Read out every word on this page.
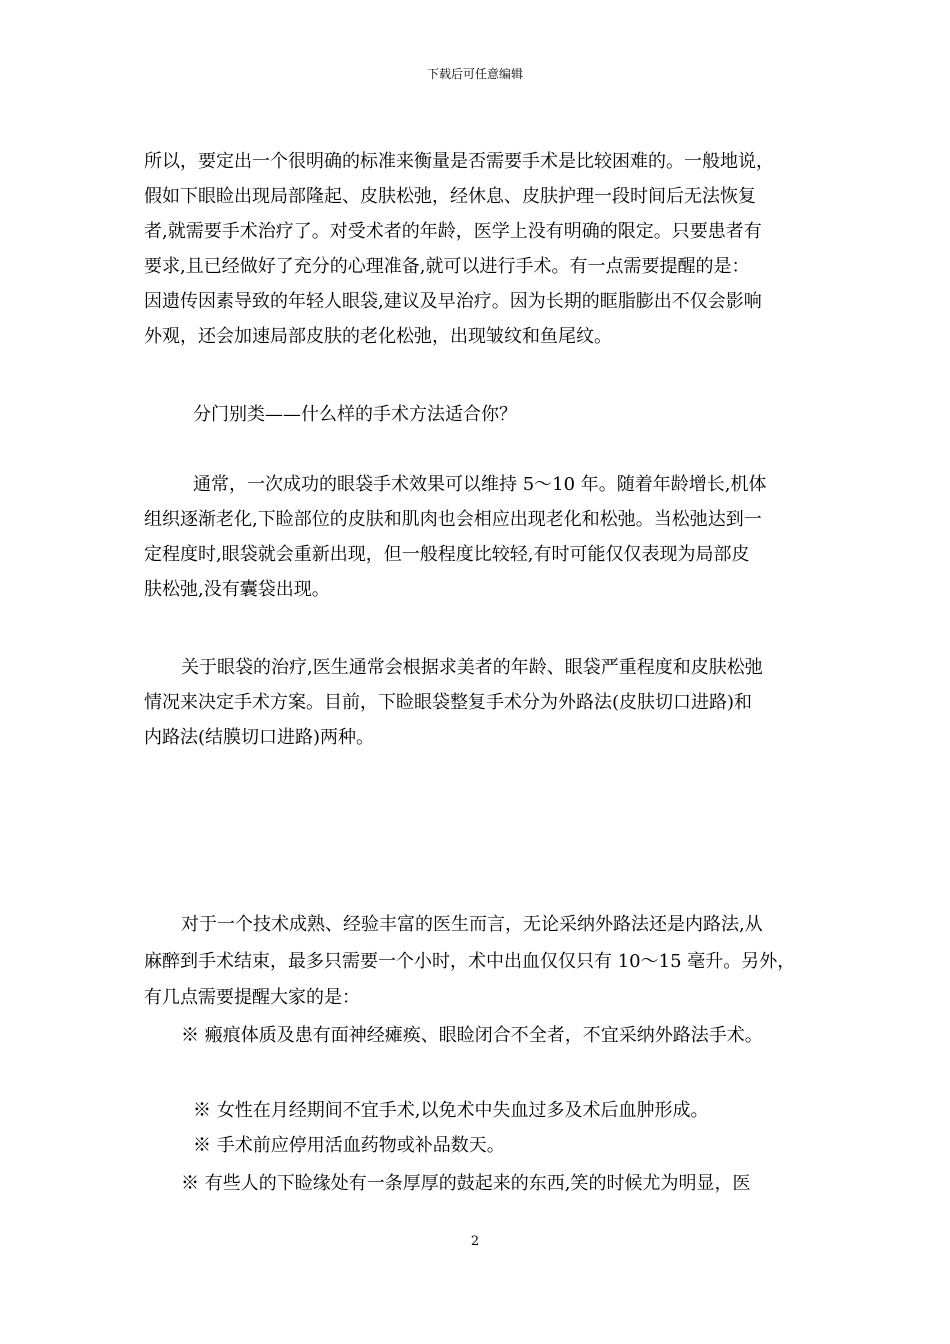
下载后可任意编辑
所以，要定出一个很明确的标准来衡量是否需要手术是比较困难的。一般地说，
假如下眼睑出现局部隆起、皮肤松弛，经休息、皮肤护理一段时间后无法恢复
者,就需要手术治疗了。对受术者的年龄，医学上没有明确的限定。只要患者有
要求,且已经做好了充分的心理准备,就可以进行手术。有一点需要提醒的是：
因遗传因素导致的年轻人眼袋,建议及早治疗。因为长期的眶脂膨出不仅会影响
外观，还会加速局部皮肤的老化松弛，出现皱纹和鱼尾纹。
分门别类——什么样的手术方法适合你？
通常，一次成功的眼袋手术效果可以维持 5～10 年。随着年龄增长,机体
组织逐渐老化,下睑部位的皮肤和肌肉也会相应出现老化和松弛。当松弛达到一
定程度时,眼袋就会重新出现，但一般程度比较轻,有时可能仅仅表现为局部皮
肤松弛,没有囊袋出现。
关于眼袋的治疗,医生通常会根据求美者的年龄、眼袋严重程度和皮肤松弛
情况来决定手术方案。目前，下睑眼袋整复手术分为外路法(皮肤切口进路)和
内路法(结膜切口进路)两种。
对于一个技术成熟、经验丰富的医生而言，无论采纳外路法还是内路法,从
麻醉到手术结束，最多只需要一个小时，术中出血仅仅只有 10～15 毫升。另外，
有几点需要提醒大家的是：
※ 瘢痕体质及患有面神经瘫痪、眼睑闭合不全者，不宜采纳外路法手术。
※ 女性在月经期间不宜手术,以免术中失血过多及术后血肿形成。
※ 手术前应停用活血药物或补品数天。
※ 有些人的下睑缘处有一条厚厚的鼓起来的东西,笑的时候尤为明显，医
2
